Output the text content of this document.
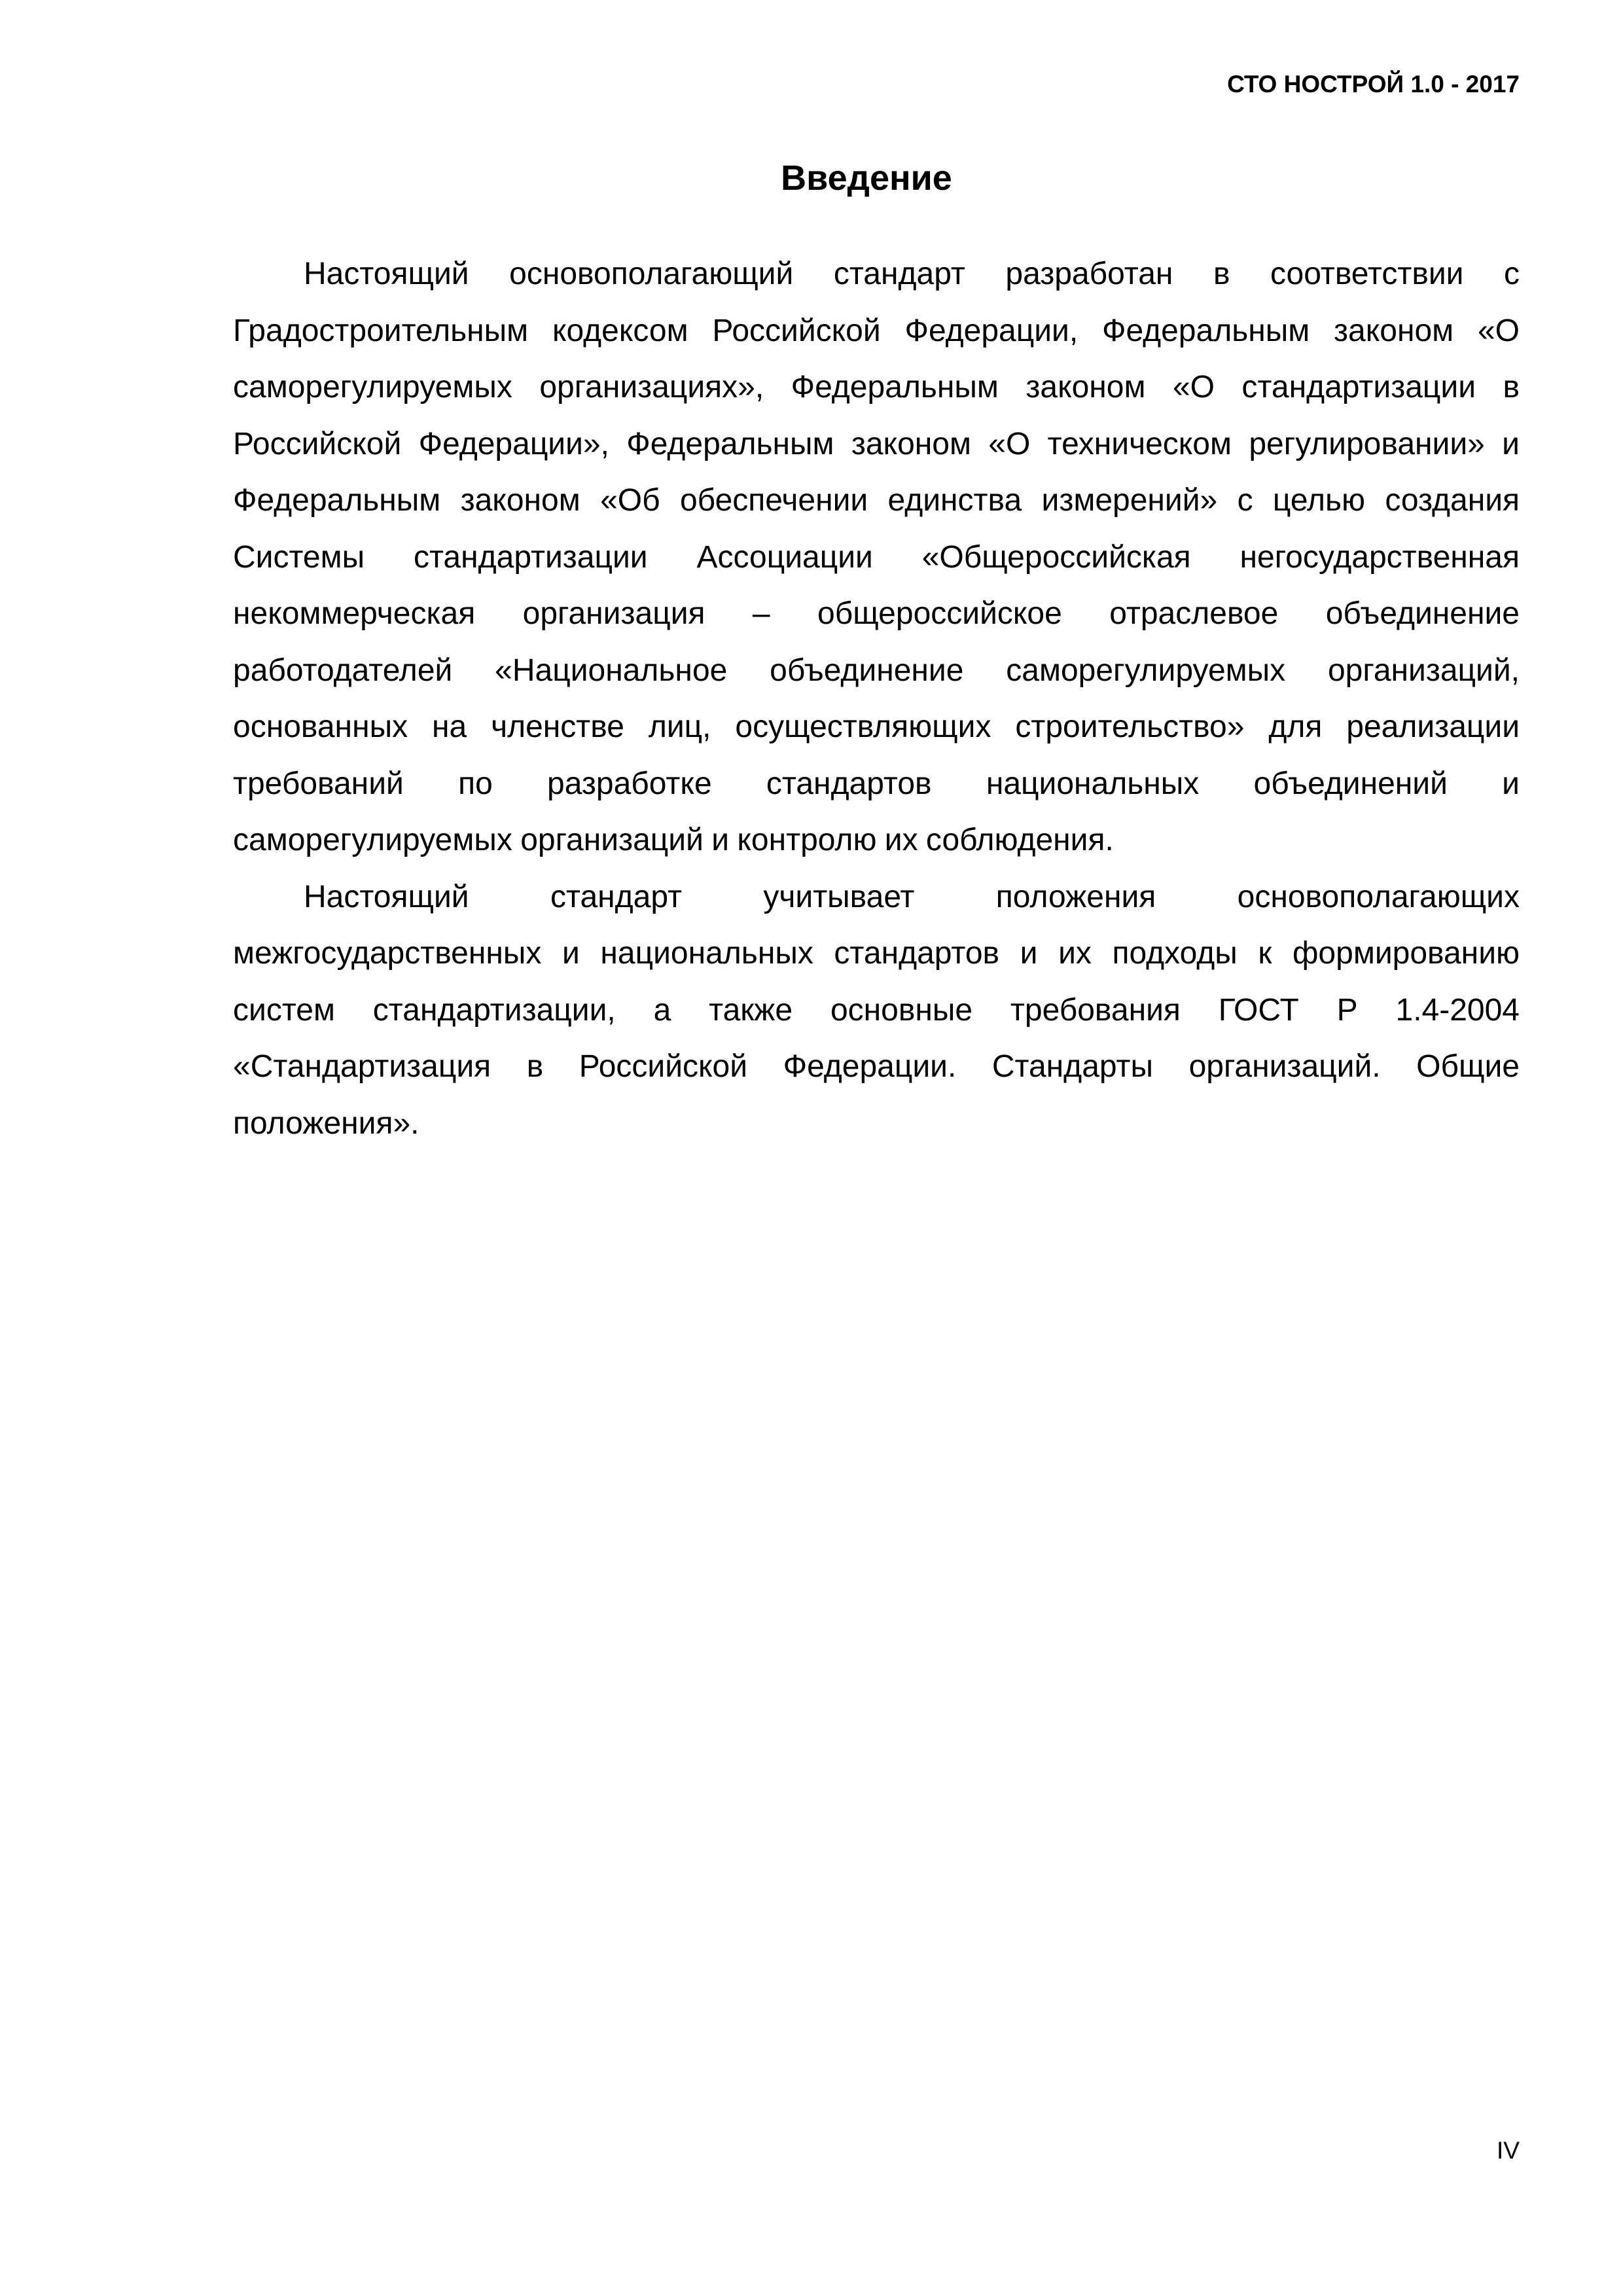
СТО НОСТРОЙ 1.0 - 2017
Введение

Настоящий основополагающий стандарт разработан в соответствии с Градостроительным кодексом Российской Федерации, Федеральным законом «О саморегулируемых организациях», Федеральным законом «О стандартизации в Российской Федерации», Федеральным законом «О техническом регулировании» и Федеральным законом «Об обеспечении единства измерений» с целью создания Системы стандартизации Ассоциации «Общероссийская негосударственная некоммерческая организация – общероссийское отраслевое объединение работодателей «Национальное объединение саморегулируемых организаций, основанных на членстве лиц, осуществляющих строительство» для реализации требований по разработке стандартов национальных объединений и саморегулируемых организаций и контролю их соблюдения.

Настоящий стандарт учитывает положения основополагающих межгосударственных и национальных стандартов и их подходы к формированию систем стандартизации, а также основные требования ГОСТ Р 1.4-2004 «Стандартизация в Российской Федерации. Стандарты организаций. Общие положения».

IV
